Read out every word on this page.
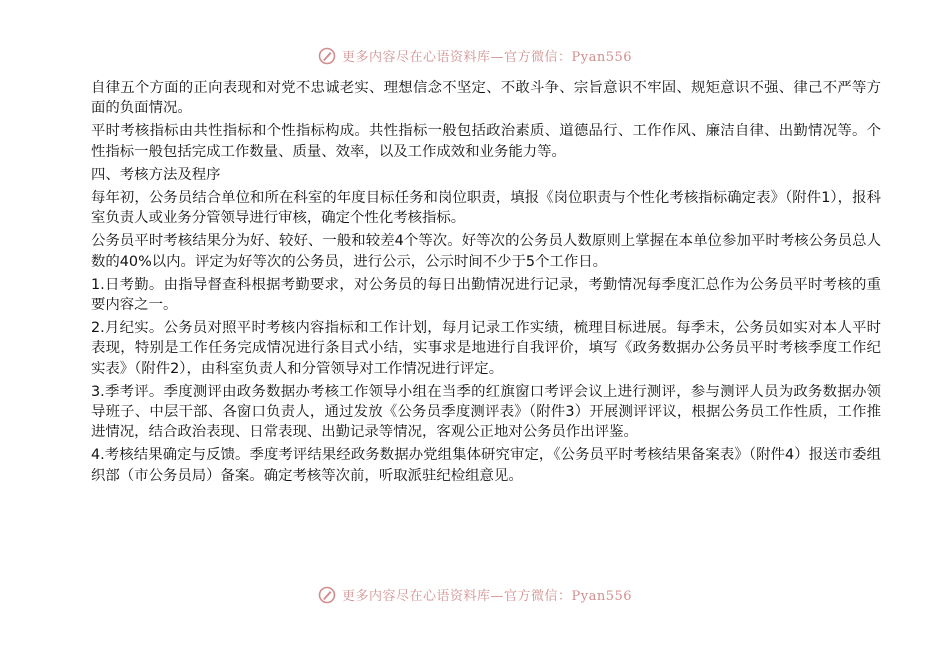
更多内容尽在心语资料库—官方微信：Pyan556

自律五个方面的正向表现和对党不忠诚老实、理想信念不坚定、不敢斗争、宗旨意识不牢固、规矩意识不强、律己不严等方面的负面情况。

平时考核指标由共性指标和个性指标构成。共性指标一般包括政治素质、道德品行、工作作风、廉洁自律、出勤情况等。个性指标一般包括完成工作数量、质量、效率，以及工作成效和业务能力等。

四、考核方法及程序

每年初，公务员结合单位和所在科室的年度目标任务和岗位职责，填报《岗位职责与个性化考核指标确定表》（附件1），报科室负责人或业务分管领导进行审核，确定个性化考核指标。

公务员平时考核结果分为好、较好、一般和较差4个等次。好等次的公务员人数原则上掌握在本单位参加平时考核公务员总人数的40%以内。评定为好等次的公务员，进行公示，公示时间不少于5个工作日。

1.日考勤。由指导督查科根据考勤要求，对公务员的每日出勤情况进行记录，考勤情况每季度汇总作为公务员平时考核的重要内容之一。

2.月纪实。公务员对照平时考核内容指标和工作计划，每月记录工作实绩，梳理目标进展。每季末，公务员如实对本人平时表现，特别是工作任务完成情况进行条目式小结，实事求是地进行自我评价，填写《政务数据办公务员平时考核季度工作纪实表》（附件2），由科室负责人和分管领导对工作情况进行评定。

3.季考评。季度测评由政务数据办考核工作领导小组在当季的红旗窗口考评会议上进行测评，参与测评人员为政务数据办领导班子、中层干部、各窗口负责人，通过发放《公务员季度测评表》（附件3）开展测评评议，根据公务员工作性质，工作推进情况，结合政治表现、日常表现、出勤记录等情况，客观公正地对公务员作出评鉴。

4.考核结果确定与反馈。季度考评结果经政务数据办党组集体研究审定，《公务员平时考核结果备案表》（附件4）报送市委组织部（市公务员局）备案。确定考核等次前，听取派驻纪检组意见。

更多内容尽在心语资料库—官方微信：Pyan556
